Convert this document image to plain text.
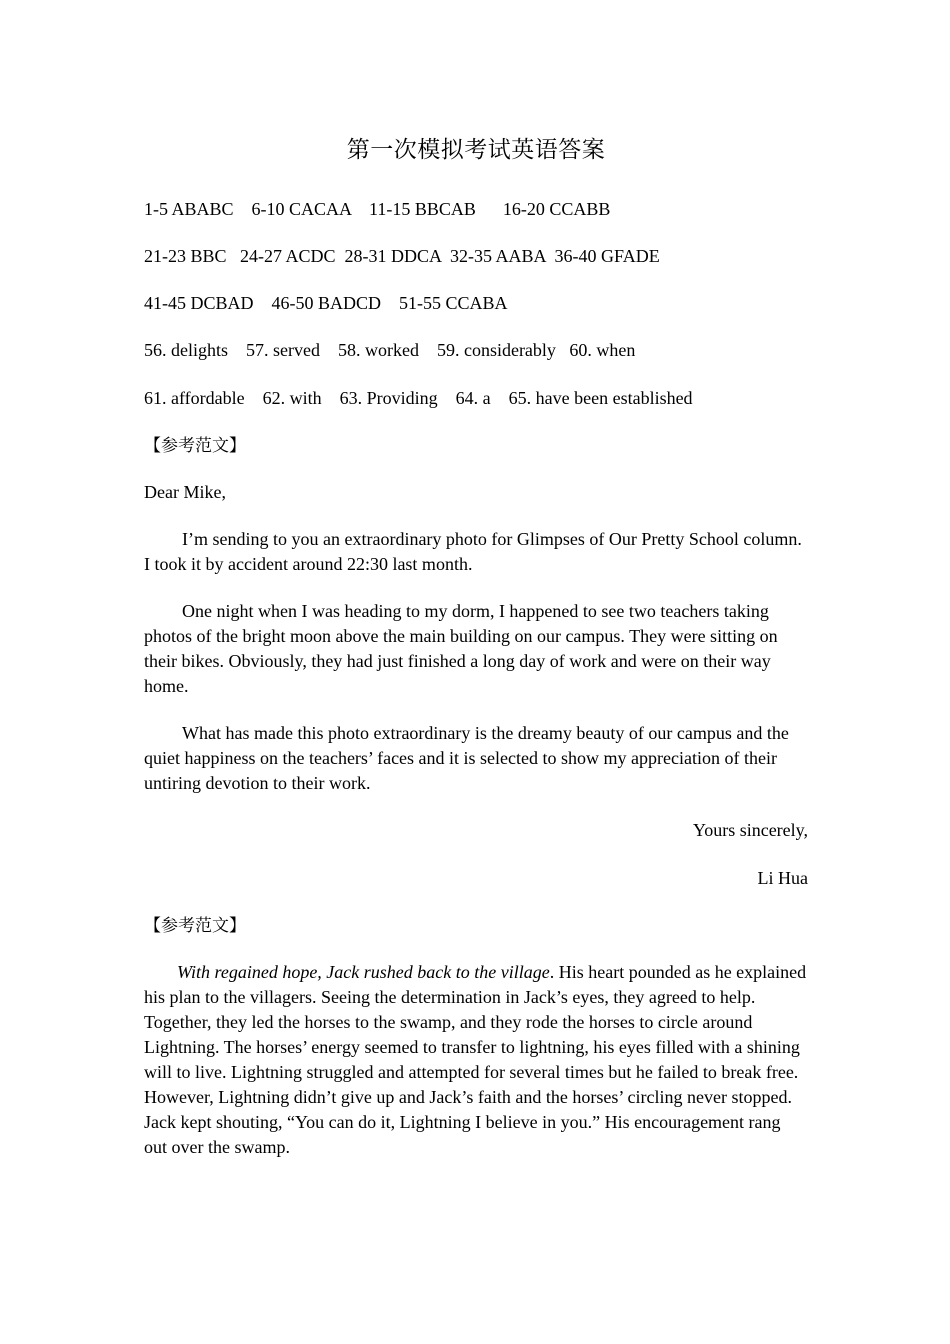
第一次模拟考试英语答案
1-5 ABABC    6-10 CACAA    11-15 BBCAB      16-20 CCABB
21-23 BBC   24-27 ACDC  28-31 DDCA  32-35 AABA  36-40 GFADE
41-45 DCBAD    46-50 BADCD    51-55 CCABA
56. delights    57. served    58. worked    59. considerably   60. when
61. affordable    62. with    63. Providing    64. a    65. have been established
【参考范文】
Dear Mike,
I’m sending to you an extraordinary photo for Glimpses of Our Pretty School column. I took it by accident around 22:30 last month.
One night when I was heading to my dorm, I happened to see two teachers taking photos of the bright moon above the main building on our campus. They were sitting on their bikes. Obviously, they had just finished a long day of work and were on their way home.
What has made this photo extraordinary is the dreamy beauty of our campus and the quiet happiness on the teachers’ faces and it is selected to show my appreciation of their untiring devotion to their work.
Yours sincerely,
Li Hua
【参考范文】
With regained hope, Jack rushed back to the village. His heart pounded as he explained his plan to the villagers. Seeing the determination in Jack’s eyes, they agreed to help. Together, they led the horses to the swamp, and they rode the horses to circle around Lightning. The horses’ energy seemed to transfer to lightning, his eyes filled with a shining will to live. Lightning struggled and attempted for several times but he failed to break free. However, Lightning didn’t give up and Jack’s faith and the horses’ circling never stopped. Jack kept shouting, “You can do it, Lightning I believe in you.” His encouragement rang out over the swamp.
